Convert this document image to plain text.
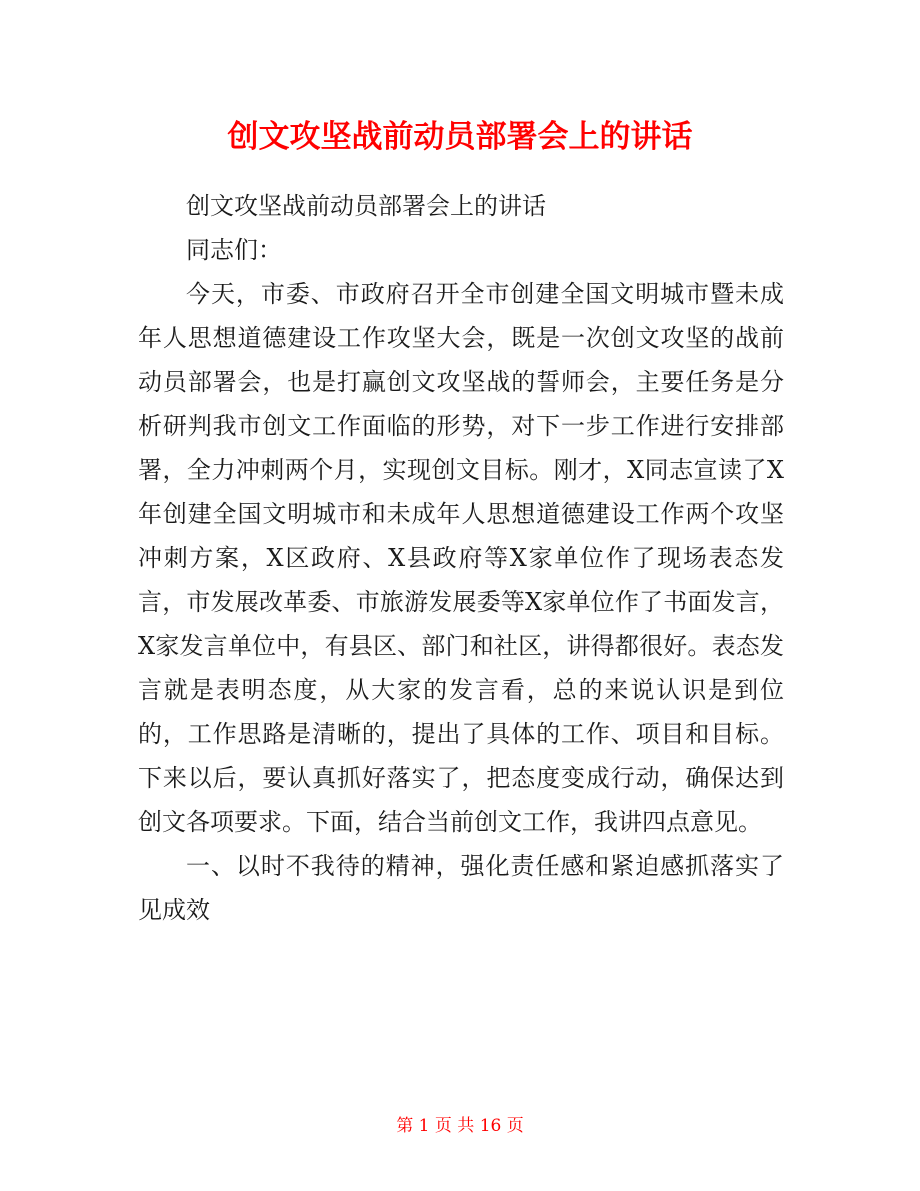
创文攻坚战前动员部署会上的讲话

创文攻坚战前动员部署会上的讲话

同志们：

今天，市委、市政府召开全市创建全国文明城市暨未成年人思想道德建设工作攻坚大会，既是一次创文攻坚的战前动员部署会，也是打赢创文攻坚战的誓师会，主要任务是分析研判我市创文工作面临的形势，对下一步工作进行安排部署，全力冲刺两个月，实现创文目标。刚才，X同志宣读了X年创建全国文明城市和未成年人思想道德建设工作两个攻坚冲刺方案，X区政府、X县政府等X家单位作了现场表态发言，市发展改革委、市旅游发展委等X家单位作了书面发言，X家发言单位中，有县区、部门和社区，讲得都很好。表态发言就是表明态度，从大家的发言看，总的来说认识是到位的，工作思路是清晰的，提出了具体的工作、项目和目标。下来以后，要认真抓好落实了，把态度变成行动，确保达到创文各项要求。下面，结合当前创文工作，我讲四点意见。

一、以时不我待的精神，强化责任感和紧迫感抓落实了见成效

第 1 页 共 16 页
